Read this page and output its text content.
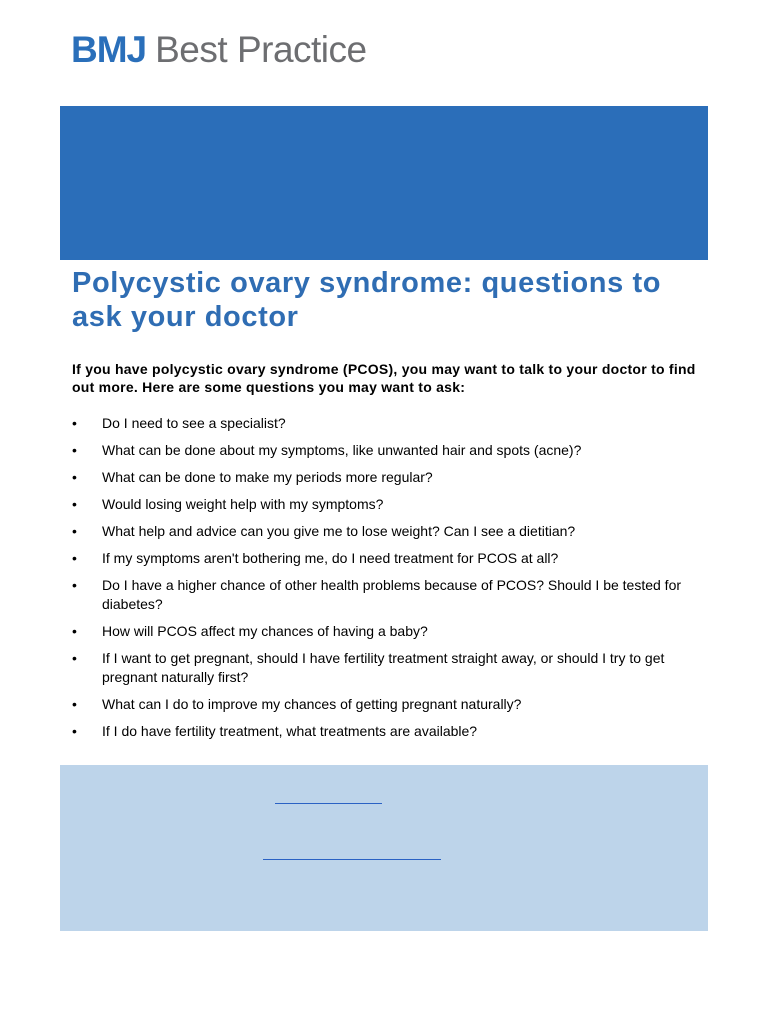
BMJ Best Practice
Polycystic ovary syndrome: questions to ask your doctor

If you have polycystic ovary syndrome (PCOS), you may want to talk to your doctor to find out more. Here are some questions you may want to ask:

• Do I need to see a specialist?
• What can be done about my symptoms, like unwanted hair and spots (acne)?
• What can be done to make my periods more regular?
• Would losing weight help with my symptoms?
• What help and advice can you give me to lose weight? Can I see a dietitian?
• If my symptoms aren't bothering me, do I need treatment for PCOS at all?
• Do I have a higher chance of other health problems because of PCOS? Should I be tested for diabetes?
• How will PCOS affect my chances of having a baby?
• If I want to get pregnant, should I have fertility treatment straight away, or should I try to get pregnant naturally first?
• What can I do to improve my chances of getting pregnant naturally?
• If I do have fertility treatment, what treatments are available?
